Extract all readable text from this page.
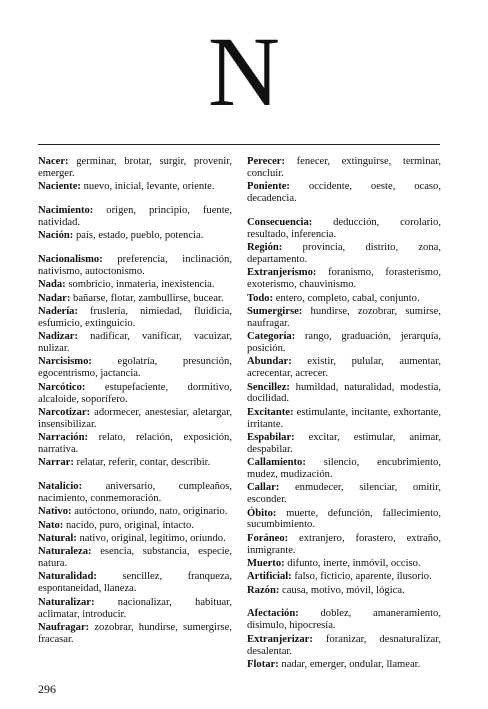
N

Nacer: germinar, brotar, surgir, provenir, emerger.

Naciente: nuevo, inicial, levante, oriente.

Nacimiento: origen, principio, fuente, natividad.

Nación: país, estado, pueblo, potencia.

Nacionalismo: preferencia, inclinación, nativismo, autoctonismo.

Nada: sombricio, inmateria, inexistencia.

Nadar: bañarse, flotar, zambullirse, bucear.

Nadería: fruslería, nimiedad, fluidicia, esfumicio, extinguicio.

Nadizar: nadificar, vanificar, vacuizar, nulizar.

Narcisismo: egolatría, presunción, egocentrismo, jactancia.

Narcótico: estupefaciente, dormitivo, alcaloide, soporífero.

Narcotizar: adormecer, anestesiar, aletargar, insensibilizar.

Narración: relato, relación, exposición, narrativa.

Narrar: relatar, referir, contar, describir.

Natalicio: aniversario, cumpleaños, nacimiento, conmemoración.

Nativo: autóctono, oriundo, nato, originario.

Nato: nacido, puro, original, intacto.

Natural: nativo, original, legítimo, oriundo.

Naturaleza: esencia, substancia, especie, natura.

Naturalidad: sencillez, franqueza, espontaneidad, llaneza.

Naturalizar: nacionalizar, habituar, aclimatar, introducir.

Naufragar: zozobrar, hundirse, sumergirse, fracasar.

Perecer: fenecer, extinguirse, terminar, concluir.

Poniente: occidente, oeste, ocaso, decadencia.

Consecuencia: deducción, corolario, resultado, inferencia.

Región: provincia, distrito, zona, departamento.

Extranjerismo: foranismo, forasterismo, exoterismo, chauvinismo.

Todo: entero, completo, cabal, conjunto.

Sumergirse: hundirse, zozobrar, sumirse, naufragar.

Categoría: rango, graduación, jerarquía, posición.

Abundar: existir, pulular, aumentar, acrecentar, acrecer.

Sencillez: humildad, naturalidad, modestia, docilidad.

Excitante: estimulante, incitante, exhortante, irritante.

Espabilar: excitar, estimular, animar, despabilar.

Callamiento: silencio, encubrimiento, mudez, mudización.

Callar: enmudecer, silenciar, omitir, esconder.

Óbito: muerte, defunción, fallecimiento, sucumbimiento.

Foráneo: extranjero, forastero, extraño, inmigrante.

Muerto: difunto, inerte, inmóvil, occiso.

Artificial: falso, ficticio, aparente, ilusorio.

Razón: causa, motivo, móvil, lógica.

Afectación: doblez, amaneramiento, disimulo, hipocresía.

Extranjerizar: foranizar, desnaturalizar, desalentar.

Flotar: nadar, emerger, ondular, llamear.

296
